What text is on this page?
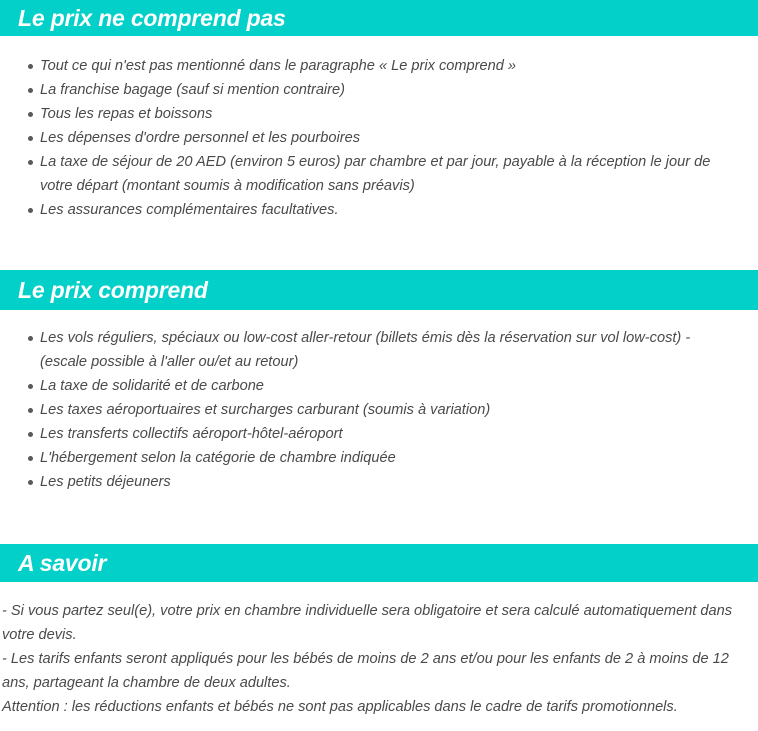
Le prix ne comprend pas
Tout ce qui n'est pas mentionné dans le paragraphe « Le prix comprend »
La franchise bagage (sauf si mention contraire)
Tous les repas et boissons
Les dépenses d'ordre personnel et les pourboires
La taxe de séjour de 20 AED (environ 5 euros) par chambre et par jour, payable à la réception le jour de votre départ (montant soumis à modification sans préavis)
Les assurances complémentaires facultatives.
Le prix comprend
Les vols réguliers, spéciaux ou low-cost aller-retour (billets émis dès la réservation sur vol low-cost) - (escale possible à l'aller ou/et au retour)
La taxe de solidarité et de carbone
Les taxes aéroportuaires et surcharges carburant (soumis à variation)
Les transferts collectifs aéroport-hôtel-aéroport
L'hébergement selon la catégorie de chambre indiquée
Les petits déjeuners
A savoir

- Si vous partez seul(e), votre prix en chambre individuelle sera obligatoire et sera calculé automatiquement dans votre devis.

- Les tarifs enfants seront appliqués pour les bébés de moins de 2 ans et/ou pour les enfants de 2 à moins de 12 ans, partageant la chambre de deux adultes.

Attention : les réductions enfants et bébés ne sont pas applicables dans le cadre de tarifs promotionnels.
